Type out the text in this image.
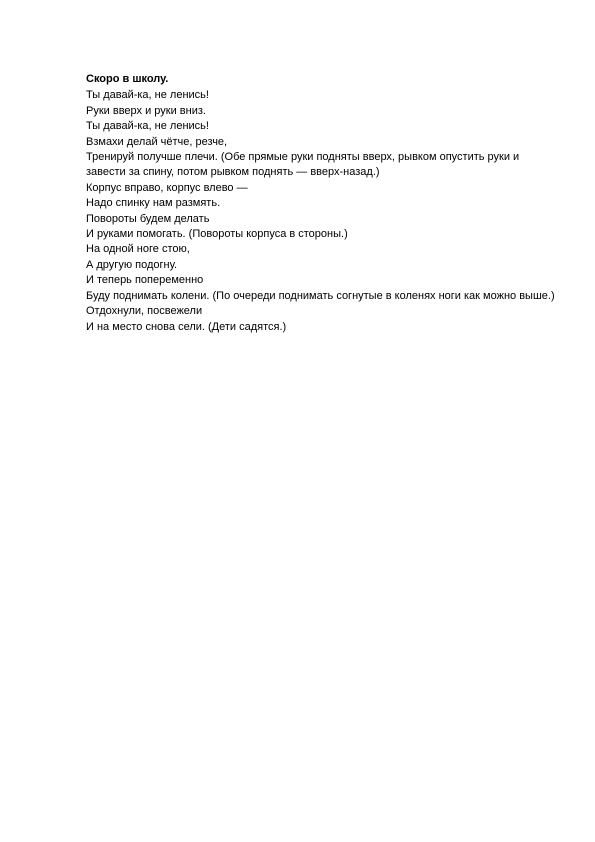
Скоро в школу.

Ты давай-ка, не ленись!

Руки вверх и руки вниз.

Ты давай-ка, не ленись!

Взмахи делай чётче, резче,

Тренируй получше плечи. (Обе прямые руки подняты вверх, рывком опустить руки и завести за спину, потом рывком поднять — вверх-назад.)

Корпус вправо, корпус влево —

Надо спинку нам размять.

Повороты будем делать

И руками помогать. (Повороты корпуса в стороны.)

На одной ноге стою,

А другую подогну.

И теперь попеременно

Буду поднимать колени. (По очереди поднимать согнутые в коленях ноги как можно выше.)

Отдохнули, посвежели

И на место снова сели. (Дети садятся.)
